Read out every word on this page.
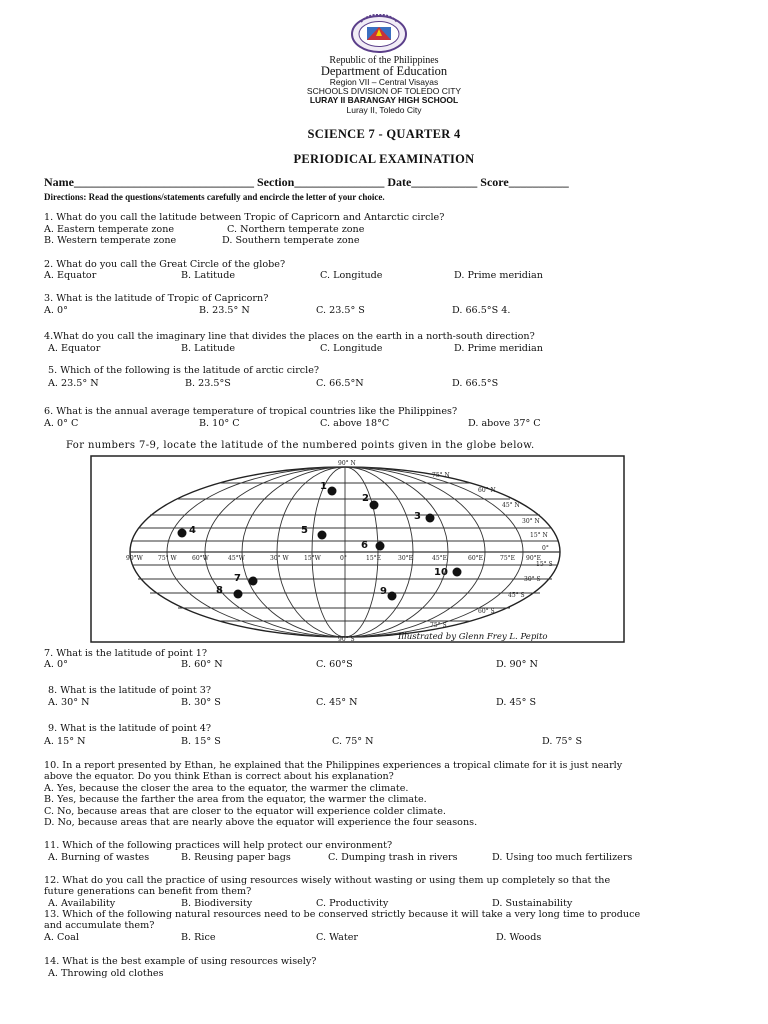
Republic of the Philippines
Department of Education
Region VII – Central Visayas
SCHOOLS DIVISION OF TOLEDO CITY
LURAY II BARANGAY HIGH SCHOOL
Luray II, Toledo City
SCIENCE 7 - QUARTER 4
PERIODICAL EXAMINATION
Name______________________________ Section_______________ Date___________ Score__________
Directions: Read the questions/statements carefully and encircle the letter of your choice.
1. What do you call the latitude between Tropic of Capricorn and Antarctic circle?
A. Eastern temperate zone	C. Northern temperate zone
B. Western temperate zone	D. Southern temperate zone
2. What do you call the Great Circle of the globe?
A. Equator	B. Latitude	C. Longitude	D. Prime meridian
3. What is the latitude of Tropic of Capricorn?
A. 0°	B. 23.5° N	C. 23.5° S	D. 66.5°S 4.
4.What do you call the imaginary line that divides the places on the earth in a north-south direction?
A. Equator	B. Latitude	C. Longitude	D. Prime meridian
5. Which of the following is the latitude of arctic circle?
A. 23.5° N	B. 23.5°S	C. 66.5°N	D. 66.5°S
6. What is the annual average temperature of tropical countries like the Philippines?
A. 0° C	B. 10° C	C. above 18°C	D. above 37° C
For numbers 7-9, locate the latitude of the numbered points given in the globe below.
90° N
75° N
60° N
45° N
30° N
15° N
0°
15° S
30° S
45° S
60° S
75° S
90° S
90°W	75° W	60°W	45°W	30° W	15°W	0°	15°E	30°E	45°E	60°E	75°E 90°E
1
2
3
4	5
6
7
8	9
10
Illustrated by Glenn Frey L. Pepito
7. What is the latitude of point 1?
A. 0°	B. 60° N	C. 60°S	D. 90° N
8. What is the latitude of point 3?
A. 30° N	B. 30° S	C. 45° N	D. 45° S
9. What is the latitude of point 4?
A. 15° N	B. 15° S	C. 75° N	D. 75° S
10. In a report presented by Ethan, he explained that the Philippines experiences a tropical climate for it is just nearly
above the equator. Do you think Ethan is correct about his explanation?
A. Yes, because the closer the area to the equator, the warmer the climate.
B. Yes, because the farther the area from the equator, the warmer the climate.
C. No, because areas that are closer to the equator will experience colder climate.
D. No, because areas that are nearly above the equator will experience the four seasons.
11. Which of the following practices will help protect our environment?
A. Burning of wastes	B. Reusing paper bags	C. Dumping trash in rivers	D. Using too much fertilizers
12. What do you call the practice of using resources wisely without wasting or using them up completely so that the
future generations can benefit from them?
A. Availability	B. Biodiversity	C. Productivity	D. Sustainability
13. Which of the following natural resources need to be conserved strictly because it will take a very long time to produce
and accumulate them?
A. Coal	B. Rice	C. Water	D. Woods
14. What is the best example of using resources wisely?
A. Throwing old clothes
